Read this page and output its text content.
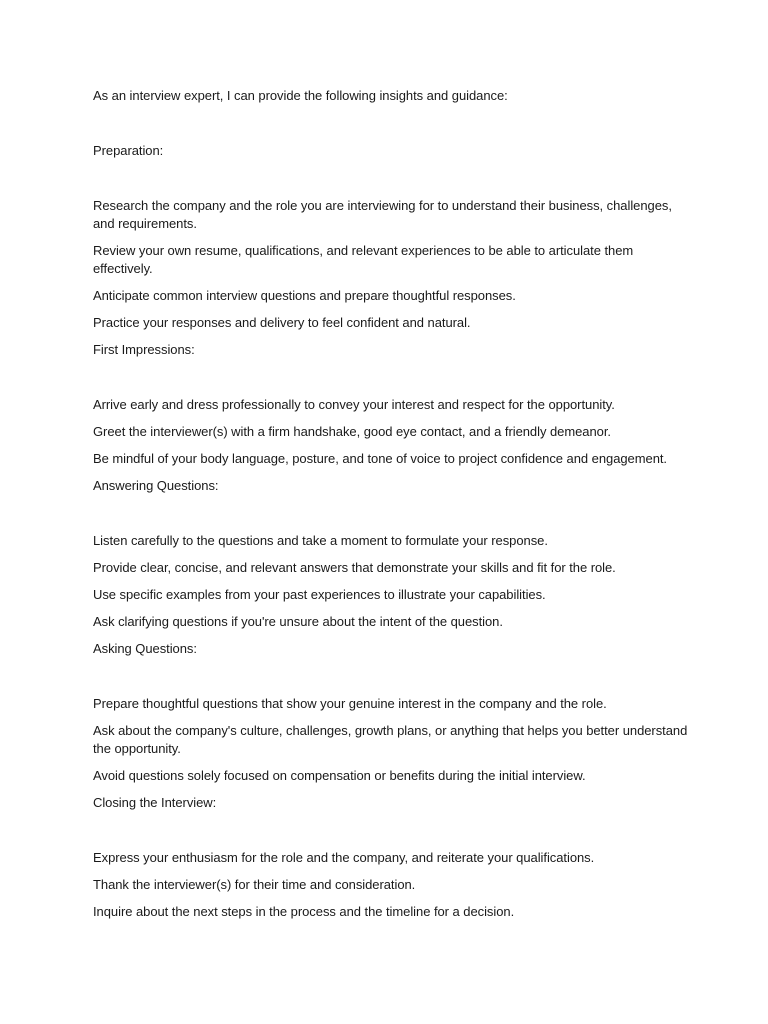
As an interview expert, I can provide the following insights and guidance:

Preparation:

Research the company and the role you are interviewing for to understand their business, challenges, and requirements.

Review your own resume, qualifications, and relevant experiences to be able to articulate them effectively.

Anticipate common interview questions and prepare thoughtful responses.

Practice your responses and delivery to feel confident and natural.

First Impressions:

Arrive early and dress professionally to convey your interest and respect for the opportunity.

Greet the interviewer(s) with a firm handshake, good eye contact, and a friendly demeanor.

Be mindful of your body language, posture, and tone of voice to project confidence and engagement.

Answering Questions:

Listen carefully to the questions and take a moment to formulate your response.

Provide clear, concise, and relevant answers that demonstrate your skills and fit for the role.

Use specific examples from your past experiences to illustrate your capabilities.

Ask clarifying questions if you're unsure about the intent of the question.

Asking Questions:

Prepare thoughtful questions that show your genuine interest in the company and the role.

Ask about the company's culture, challenges, growth plans, or anything that helps you better understand the opportunity.

Avoid questions solely focused on compensation or benefits during the initial interview.

Closing the Interview:

Express your enthusiasm for the role and the company, and reiterate your qualifications.

Thank the interviewer(s) for their time and consideration.

Inquire about the next steps in the process and the timeline for a decision.
